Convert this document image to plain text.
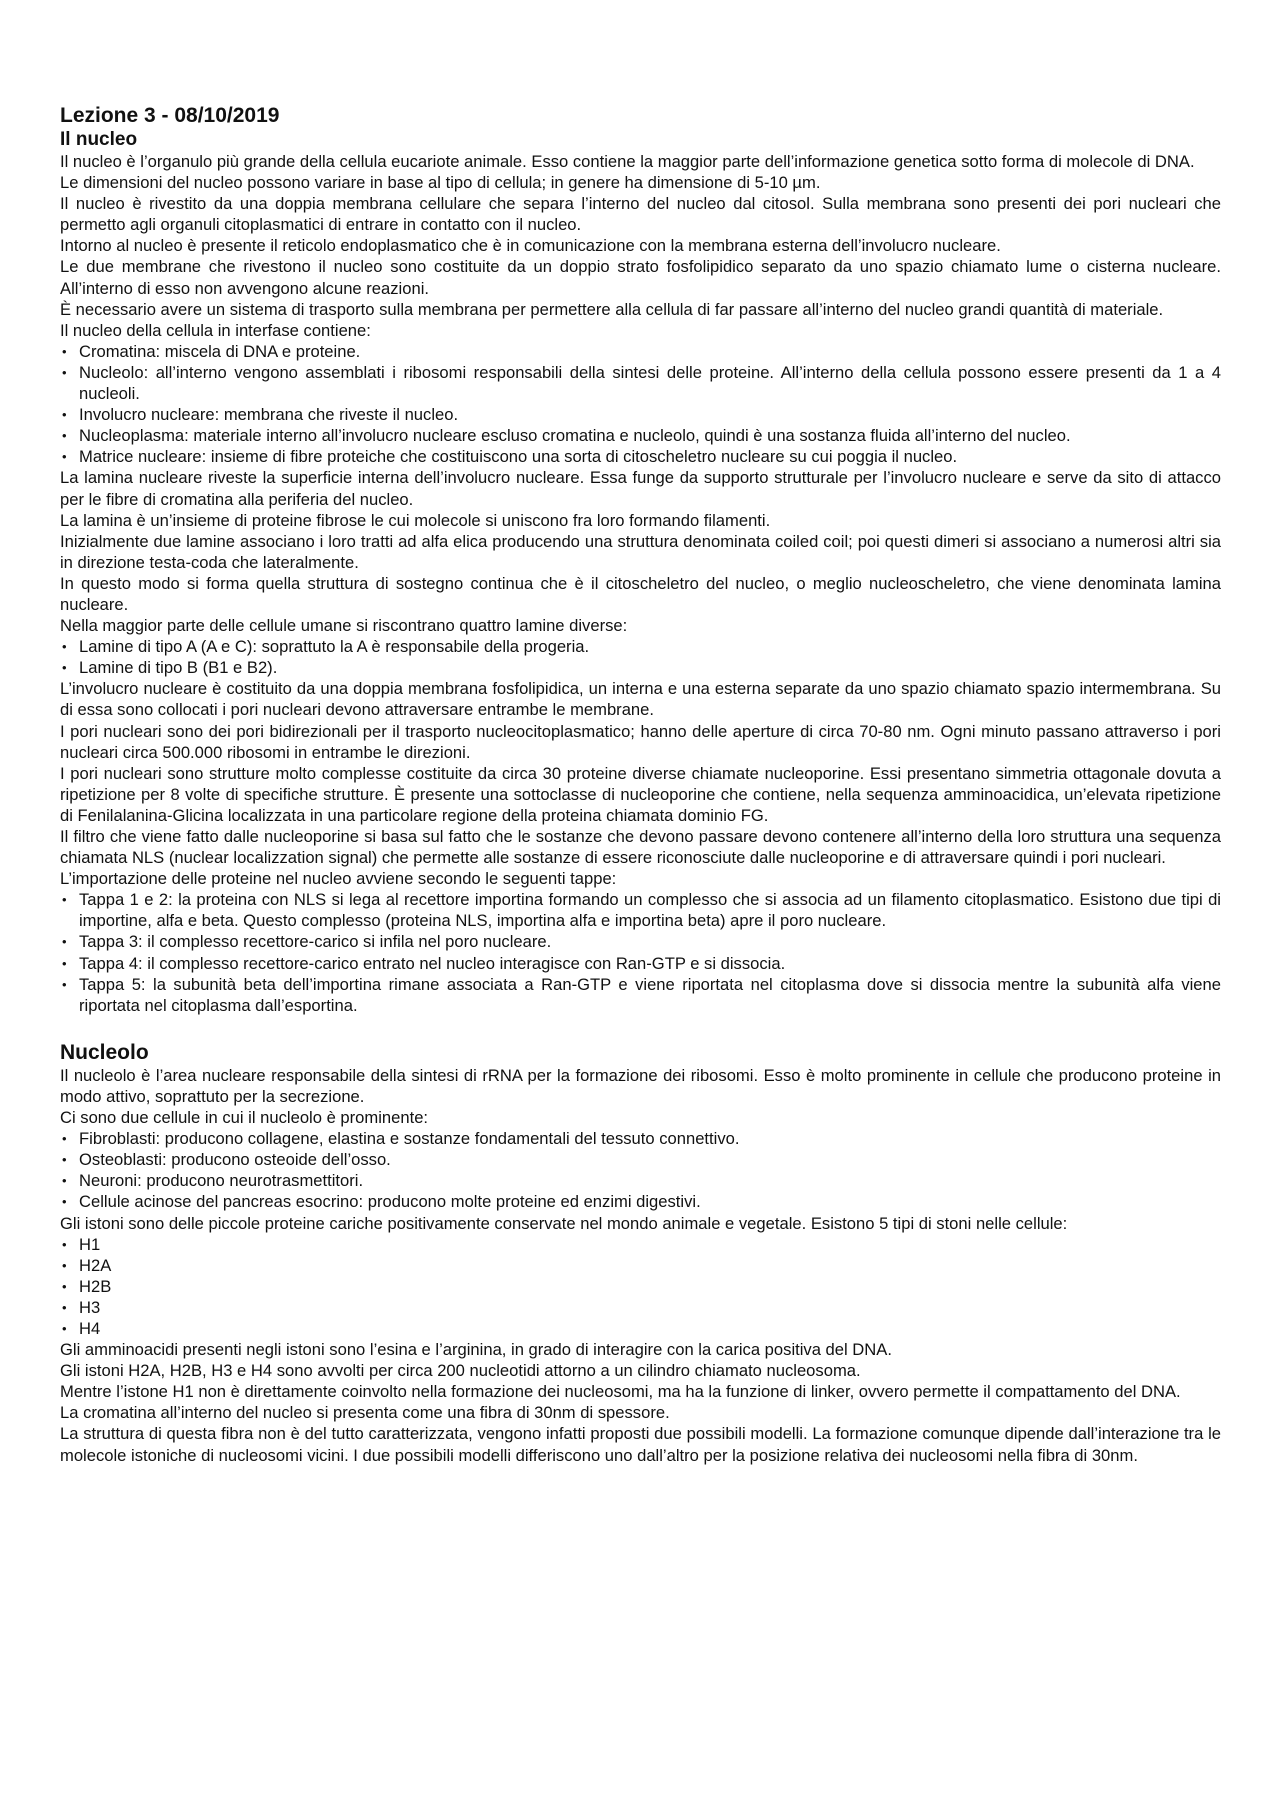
Lezione 3 - 08/10/2019
Il nucleo

Il nucleo è l’organulo più grande della cellula eucariote animale. Esso contiene la maggior parte dell’informazione genetica sotto forma di molecole di DNA.

Le dimensioni del nucleo possono variare in base al tipo di cellula; in genere ha dimensione di 5-10 µm.

Il nucleo è rivestito da una doppia membrana cellulare che separa l’interno del nucleo dal citosol. Sulla membrana sono presenti dei pori nucleari che permetto agli organuli citoplasmatici di entrare in contatto con il nucleo.

Intorno al nucleo è presente il reticolo endoplasmatico che è in comunicazione con la membrana esterna dell’involucro nucleare.

Le due membrane che rivestono il nucleo sono costituite da un doppio strato fosfolipidico separato da uno spazio chiamato lume o cisterna nucleare. All’interno di esso non avvengono alcune reazioni.

È necessario avere un sistema di trasporto sulla membrana per permettere alla cellula di far passare all’interno del nucleo grandi quantità di materiale.

Il nucleo della cellula in interfase contiene:

• Cromatina: miscela di DNA e proteine.
• Nucleolo: all’interno vengono assemblati i ribosomi responsabili della sintesi delle proteine. All’interno della cellula possono essere presenti da 1 a 4 nucleoli.
• Involucro nucleare: membrana che riveste il nucleo.
• Nucleoplasma: materiale interno all’involucro nucleare escluso cromatina e nucleolo, quindi è una sostanza fluida all’interno del nucleo.
• Matrice nucleare: insieme di fibre proteiche che costituiscono una sorta di citoscheletro nucleare su cui poggia il nucleo.

La lamina nucleare riveste la superficie interna dell’involucro nucleare. Essa funge da supporto strutturale per l’involucro nucleare e serve da sito di attacco per le fibre di cromatina alla periferia del nucleo.

La lamina è un’insieme di proteine fibrose le cui molecole si uniscono fra loro formando filamenti.

Inizialmente due lamine associano i loro tratti ad alfa elica producendo una struttura denominata coiled coil; poi questi dimeri si associano a numerosi altri sia in direzione testa-coda che lateralmente.

In questo modo si forma quella struttura di sostegno continua che è il citoscheletro del nucleo, o meglio nucleoscheletro, che viene denominata lamina nucleare.

Nella maggior parte delle cellule umane si riscontrano quattro lamine diverse:

• Lamine di tipo A (A e C): soprattuto la A è responsabile della progeria.
• Lamine di tipo B (B1 e B2).

L’involucro nucleare è costituito da una doppia membrana fosfolipidica, un interna e una esterna separate da uno spazio chiamato spazio intermembrana. Su di essa sono collocati i pori nucleari devono attraversare entrambe le membrane.

I pori nucleari sono dei pori bidirezionali per il trasporto nucleocitoplasmatico; hanno delle aperture di circa 70-80 nm. Ogni minuto passano attraverso i pori nucleari circa 500.000 ribosomi in entrambe le direzioni.

I pori nucleari sono strutture molto complesse costituite da circa 30 proteine diverse chiamate nucleoporine. Essi presentano simmetria ottagonale dovuta a ripetizione per 8 volte di specifiche strutture. È presente una sottoclasse di nucleoporine che contiene, nella sequenza amminoacidica, un’elevata ripetizione di Fenilalanina-Glicina localizzata in una particolare regione della proteina chiamata dominio FG.

Il filtro che viene fatto dalle nucleoporine si basa sul fatto che le sostanze che devono passare devono contenere all’interno della loro struttura una sequenza chiamata NLS (nuclear localizzation signal) che permette alle sostanze di essere riconosciute dalle nucleoporine e di attraversare quindi i pori nucleari.

L’importazione delle proteine nel nucleo avviene secondo le seguenti tappe:

• Tappa 1 e 2: la proteina con NLS si lega al recettore importina formando un complesso che si associa ad un filamento citoplasmatico. Esistono due tipi di importine, alfa e beta. Questo complesso (proteina NLS, importina alfa e importina beta) apre il poro nucleare.
• Tappa 3: il complesso recettore-carico si infila nel poro nucleare.
• Tappa 4: il complesso recettore-carico entrato nel nucleo interagisce con Ran-GTP e si dissocia.
• Tappa 5: la subunità beta dell’importina rimane associata a Ran-GTP e viene riportata nel citoplasma dove si dissocia mentre la subunità alfa viene riportata nel citoplasma dall’esportina.
Nucleolo

Il nucleolo è l’area nucleare responsabile della sintesi di rRNA per la formazione dei ribosomi. Esso è molto prominente in cellule che producono proteine in modo attivo, soprattuto per la secrezione.

Ci sono due cellule in cui il nucleolo è prominente:

• Fibroblasti: producono collagene, elastina e sostanze fondamentali del tessuto connettivo.
• Osteoblasti: producono osteoide dell’osso.
• Neuroni: producono neurotrasmettitori.
• Cellule acinose del pancreas esocrino: producono molte proteine ed enzimi digestivi.

Gli istoni sono delle piccole proteine cariche positivamente conservate nel mondo animale e vegetale. Esistono 5 tipi di stoni nelle cellule:

• H1
• H2A
• H2B
• H3
• H4

Gli amminoacidi presenti negli istoni sono l’esina e l’arginina, in grado di interagire con la carica positiva del DNA.

Gli istoni H2A, H2B, H3 e H4 sono avvolti per circa 200 nucleotidi attorno a un cilindro chiamato nucleosoma.

Mentre l’istone H1 non è direttamente coinvolto nella formazione dei nucleosomi, ma ha la funzione di linker, ovvero permette il compattamento del DNA.

La cromatina all’interno del nucleo si presenta come una fibra di 30nm di spessore.

La struttura di questa fibra non è del tutto caratterizzata, vengono infatti proposti due possibili modelli. La formazione comunque dipende dall’interazione tra le molecole istoniche di nucleosomi vicini. I due possibili modelli differiscono uno dall’altro per la posizione relativa dei nucleosomi nella fibra di 30nm.
